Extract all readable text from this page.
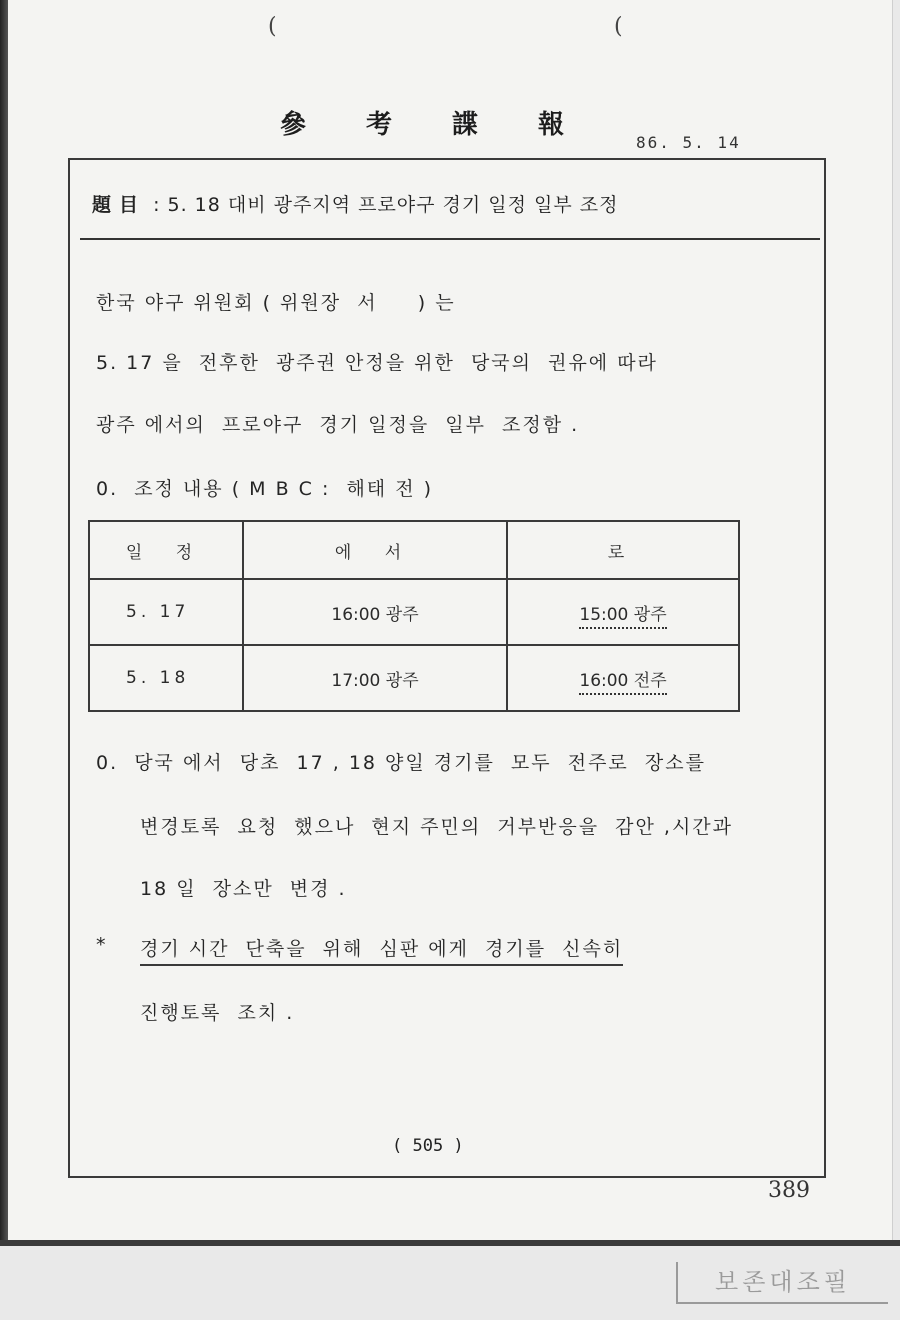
(	(
參考諜報
86. 5. 14
題目 : 5. 18 대비 광주지역 프로야구 경기 일정 일부 조정
한국 야구 위원회 ( 위원장  서     ) 는
5. 17 을  전후한  광주권 안정을 위한  당국의  권유에 따라
광주 에서의  프로야구  경기 일정을  일부  조정함 .
0.  조정 내용 ( M B C :  해태 전 )
일 정	에 서	로
5. 17	16:00 광주	15:00 광주
5. 18	17:00 광주	16:00 전주
0.  당국 에서  당초  17 , 18 양일 경기를  모두  전주로  장소를
변경토록  요청  했으나  현지 주민의  거부반응을  감안 ,시간과
18 일  장소만  변경 .
* 경기 시간  단축을  위해  심판 에게  경기를  신속히
진행토록  조치 .
( 505 )
389
보존대조필
